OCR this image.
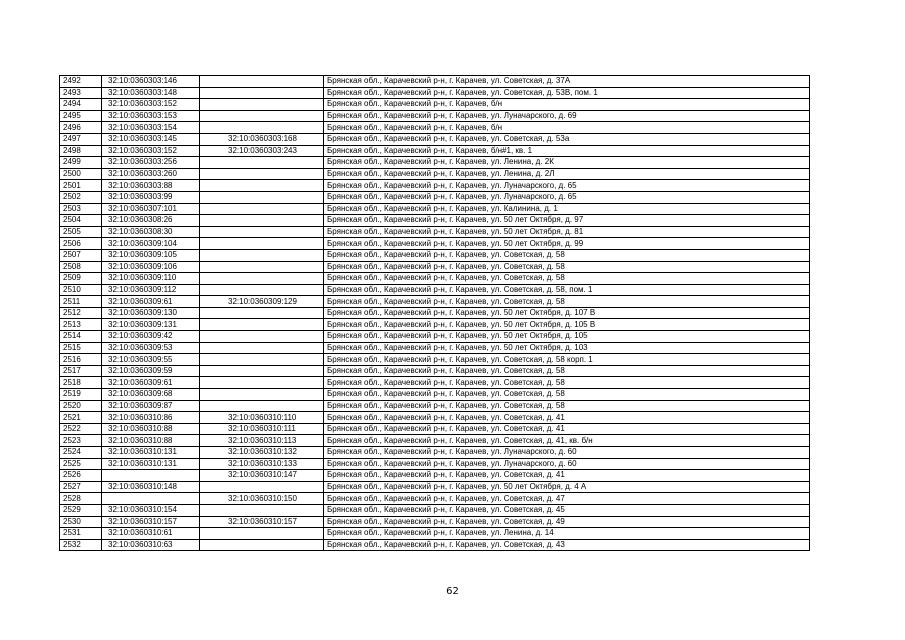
2492	32:10:0360303:146		Брянская обл., Карачевский р-н, г. Карачев, ул. Советская, д. 37А
2493	32:10:0360303:148		Брянская обл., Карачевский р-н, г. Карачев, ул. Советская, д. 53В, пом. 1
2494	32:10:0360303:152		Брянская обл., Карачевский р-н, г. Карачев, б/н
2495	32:10:0360303:153		Брянская обл., Карачевский р-н, г. Карачев, ул. Луначарского, д. 69
2496	32:10:0360303:154		Брянская обл., Карачевский р-н, г. Карачев, б/н
2497	32:10:0360303:145	32:10:0360303:168	Брянская обл., Карачевский р-н, г. Карачев, ул. Советская, д. 53а
2498	32:10:0360303:152	32:10:0360303:243	Брянская обл., Карачевский р-н, г. Карачев, б/н#1, кв. 1
2499	32:10:0360303:256		Брянская обл., Карачевский р-н, г. Карачев, ул. Ленина, д. 2К
2500	32:10:0360303:260		Брянская обл., Карачевский р-н, г. Карачев, ул. Ленина, д. 2Л
2501	32:10:0360303:88		Брянская обл., Карачевский р-н, г. Карачев, ул. Луначарского, д. 65
2502	32:10:0360303:99		Брянская обл., Карачевский р-н, г. Карачев, ул. Луначарского, д. 65
2503	32:10:0360307:101		Брянская обл., Карачевский р-н, г. Карачев, ул. Калинина, д. 1
2504	32:10:0360308:26		Брянская обл., Карачевский р-н, г. Карачев, ул. 50 лет Октября, д. 97
2505	32:10:0360308:30		Брянская обл., Карачевский р-н, г. Карачев, ул. 50 лет Октября, д. 81
2506	32:10:0360309:104		Брянская обл., Карачевский р-н, г. Карачев, ул. 50 лет Октября, д. 99
2507	32:10:0360309:105		Брянская обл., Карачевский р-н, г. Карачев, ул. Советская, д. 58
2508	32:10:0360309:106		Брянская обл., Карачевский р-н, г. Карачев, ул. Советская, д. 58
2509	32:10:0360309:110		Брянская обл., Карачевский р-н, г. Карачев, ул. Советская, д. 58
2510	32:10:0360309:112		Брянская обл., Карачевский р-н, г. Карачев, ул. Советская, д. 58, пом. 1
2511	32:10:0360309:61	32:10:0360309:129	Брянская обл., Карачевский р-н, г. Карачев, ул. Советская, д. 58
2512	32:10:0360309:130		Брянская обл., Карачевский р-н, г. Карачев, ул. 50 лет Октября, д. 107 В
2513	32:10:0360309:131		Брянская обл., Карачевский р-н, г. Карачев, ул. 50 лет Октября, д. 105 В
2514	32:10:0360309:42		Брянская обл., Карачевский р-н, г. Карачев, ул. 50 лет Октября, д. 105
2515	32:10:0360309:53		Брянская обл., Карачевский р-н, г. Карачев, ул. 50 лет Октября, д. 103
2516	32:10:0360309:55		Брянская обл., Карачевский р-н, г. Карачев, ул. Советская, д. 58 корп. 1
2517	32:10:0360309:59		Брянская обл., Карачевский р-н, г. Карачев, ул. Советская, д. 58
2518	32:10:0360309:61		Брянская обл., Карачевский р-н, г. Карачев, ул. Советская, д. 58
2519	32:10:0360309:68		Брянская обл., Карачевский р-н, г. Карачев, ул. Советская, д. 58
2520	32:10:0360309:87		Брянская обл., Карачевский р-н, г. Карачев, ул. Советская, д. 58
2521	32:10:0360310:86	32:10:0360310:110	Брянская обл., Карачевский р-н, г. Карачев, ул. Советская, д. 41
2522	32:10:0360310:88	32:10:0360310:111	Брянская обл., Карачевский р-н, г. Карачев, ул. Советская, д. 41
2523	32:10:0360310:88	32:10:0360310:113	Брянская обл., Карачевский р-н, г. Карачев, ул. Советская, д. 41, кв. б/н
2524	32:10:0360310:131	32:10:0360310:132	Брянская обл., Карачевский р-н, г. Карачев, ул. Луначарского, д. 60
2525	32:10:0360310:131	32:10:0360310:133	Брянская обл., Карачевский р-н, г. Карачев, ул. Луначарского, д. 60
2526		32:10:0360310:147	Брянская обл., Карачевский р-н, г. Карачев, ул. Советская, д. 41
2527	32:10:0360310:148		Брянская обл., Карачевский р-н, г. Карачев, ул. 50 лет Октября, д. 4 А
2528		32:10:0360310:150	Брянская обл., Карачевский р-н, г. Карачев, ул. Советская, д. 47
2529	32:10:0360310:154		Брянская обл., Карачевский р-н, г. Карачев, ул. Советская, д. 45
2530	32:10:0360310:157	32:10:0360310:157	Брянская обл., Карачевский р-н, г. Карачев, ул. Советская, д. 49
2531	32:10:0360310:61		Брянская обл., Карачевский р-н, г. Карачев, ул. Ленина, д. 14
2532	32:10:0360310:63		Брянская обл., Карачевский р-н, г. Карачев, ул. Советская, д. 43
62
